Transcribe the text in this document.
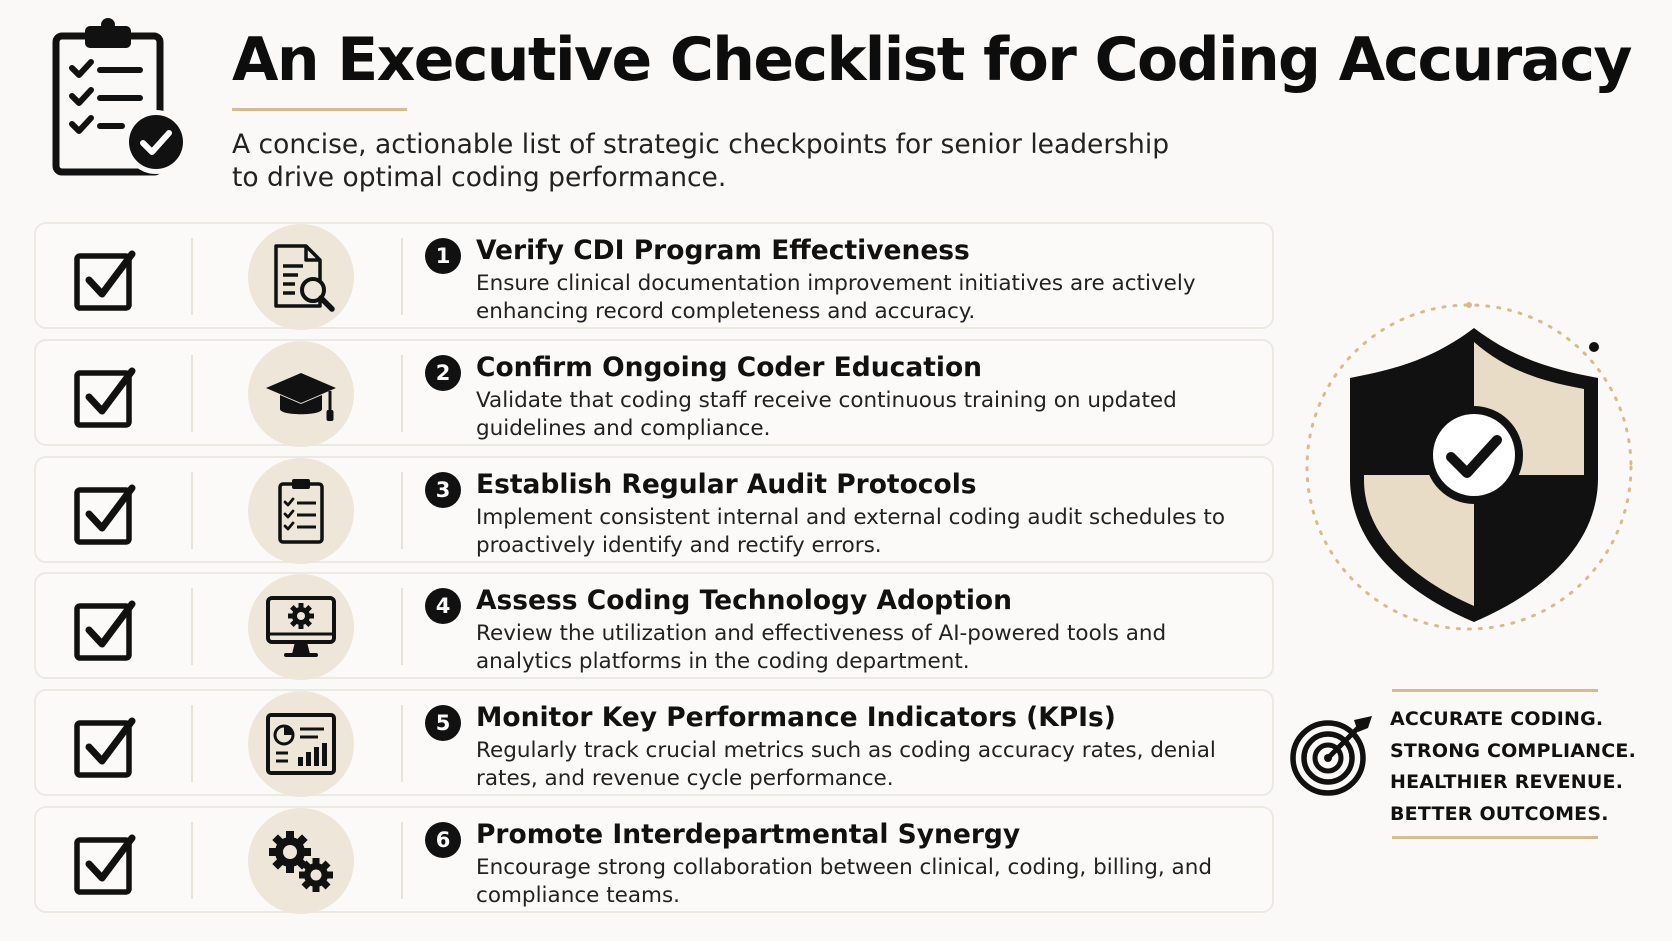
An Executive Checklist for Coding Accuracy

A concise, actionable list of strategic checkpoints for senior leadership to drive optimal coding performance.

1 Verify CDI Program Effectiveness

Ensure clinical documentation improvement initiatives are actively enhancing record completeness and accuracy.

2 Confirm Ongoing Coder Education

Validate that coding staff receive continuous training on updated guidelines and compliance.

3 Establish Regular Audit Protocols

Implement consistent internal and external coding audit schedules to proactively identify and rectify errors.

4 Assess Coding Technology Adoption

Review the utilization and effectiveness of AI-powered tools and analytics platforms in the coding department.

5 Monitor Key Performance Indicators (KPIs)

Regularly track crucial metrics such as coding accuracy rates, denial rates, and revenue cycle performance.

6 Promote Interdepartmental Synergy

Encourage strong collaboration between clinical, coding, billing, and compliance teams.

ACCURATE CODING.
STRONG COMPLIANCE.
HEALTHIER REVENUE.
BETTER OUTCOMES.
